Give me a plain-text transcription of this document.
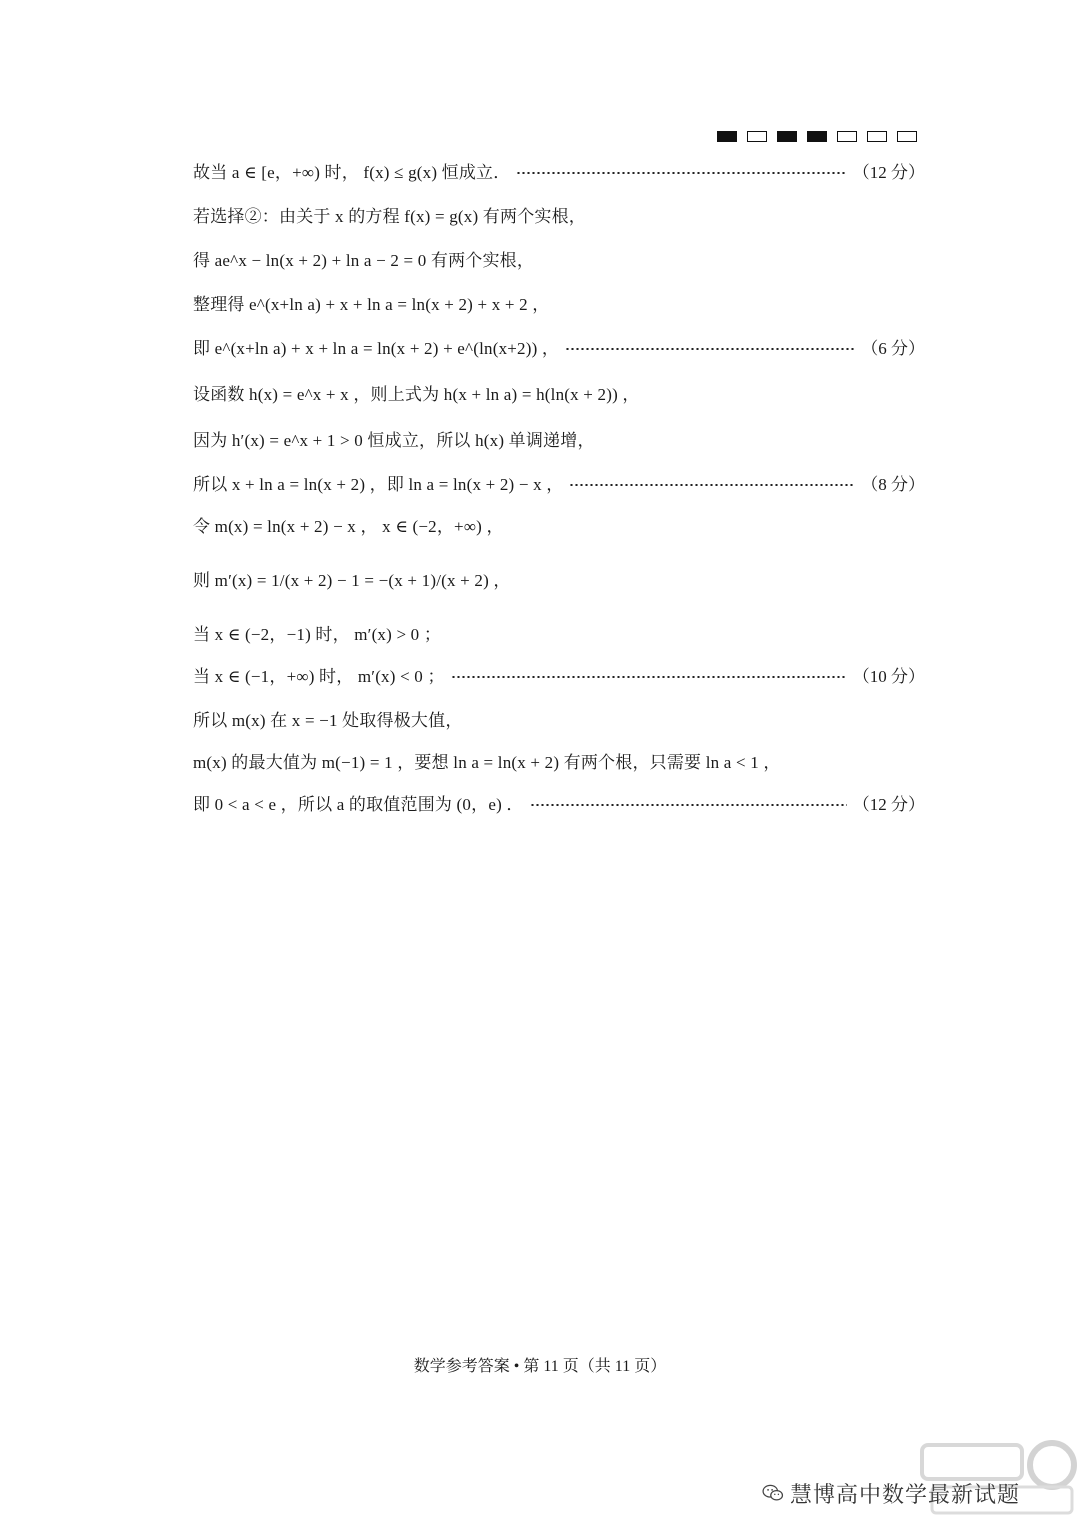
故当 a ∈ [e，+∞) 时， f(x) ≤ g(x) 恒成立．	（12 分）
若选择②：由关于 x 的方程 f(x) = g(x) 有两个实根，
得 ae^x − ln(x + 2) + ln a − 2 = 0 有两个实根，
整理得 e^(x+ln a) + x + ln a = ln(x + 2) + x + 2 ，
即 e^(x+ln a) + x + ln a = ln(x + 2) + e^(ln(x+2)) ，	（6 分）
设函数 h(x) = e^x + x ，则上式为 h(x + ln a) = h(ln(x + 2)) ，
因为 h′(x) = e^x + 1 > 0 恒成立，所以 h(x) 单调递增，
所以 x + ln a = ln(x + 2) ，即 ln a = ln(x + 2) − x ，	（8 分）
令 m(x) = ln(x + 2) − x ， x ∈ (−2，+∞) ，
则 m′(x) = 1/(x + 2) − 1 = −(x + 1)/(x + 2) ，
当 x ∈ (−2，−1) 时， m′(x) > 0 ；
当 x ∈ (−1，+∞) 时， m′(x) < 0 ；	（10 分）
所以 m(x) 在 x = −1 处取得极大值，
m(x) 的最大值为 m(−1) = 1 ，要想 ln a = ln(x + 2) 有两个根，只需要 ln a < 1 ，
即 0 < a < e ，所以 a 的取值范围为 (0，e) ．	（12 分）
数学参考答案 • 第 11 页（共 11 页）
慧博高中数学最新试题
